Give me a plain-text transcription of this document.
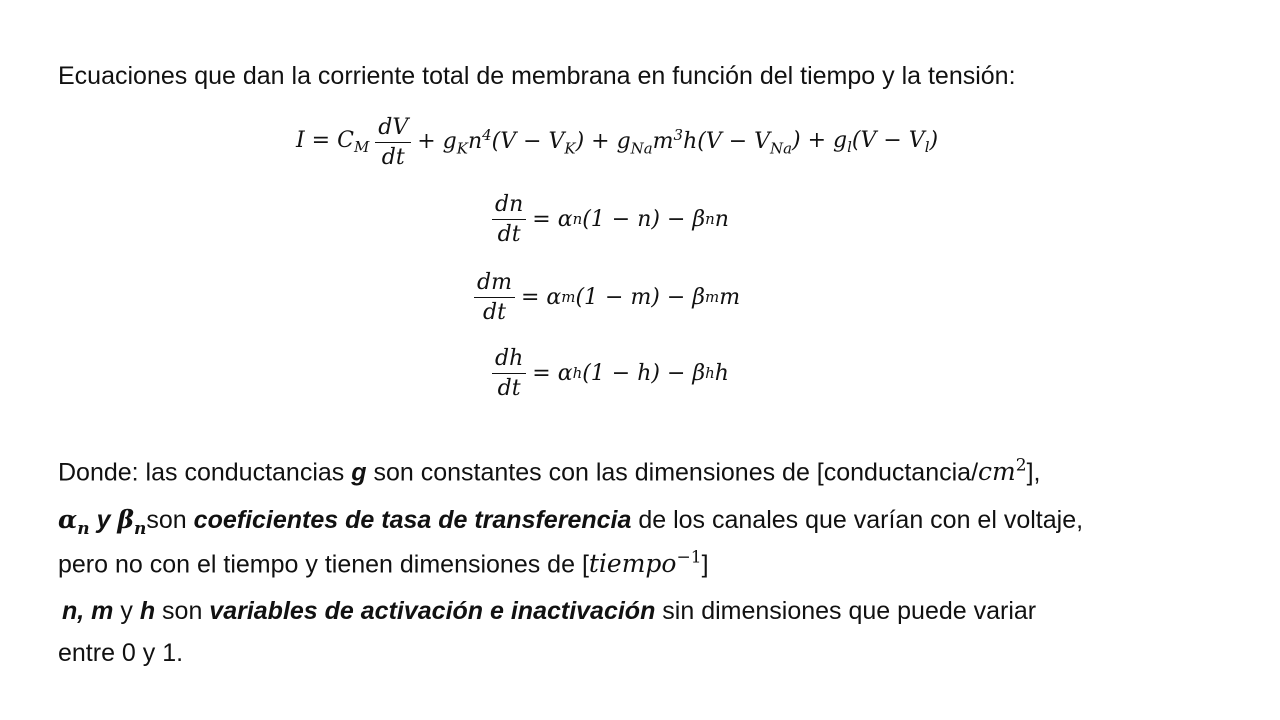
Ecuaciones que dan la corriente total de membrana en función del tiempo y la tensión:
$I = C_M \frac{dV}{dt} + g_Kn^4(V - V_K$ ) + $g_{Na}m^3h(V - V_{Na}$ ) + $g_l(V - V_l)$
$\frac{dn}{dt} = \alpha$ n (1 − n) − β n n
$\frac{dm}{dt} = \alpha$ m (1 − m) − β m m
$\frac{dh}{dt} = \alpha$ h (1 − h) − β h h
Donde: las conductancias g son constantes con las dimensiones de $[conductancia/cm^2]$,
$\alpha_n$ y $\beta_nson$ coeficientes de tasa de transferencia de los canales que varían con el voltaje,
pero no con el tiempo y tienen dimensiones de [tiempo$^{-1}$]
n, m y h son variables de activación e inactivación sin dimensiones que puede variar
entre 0 y 1.
